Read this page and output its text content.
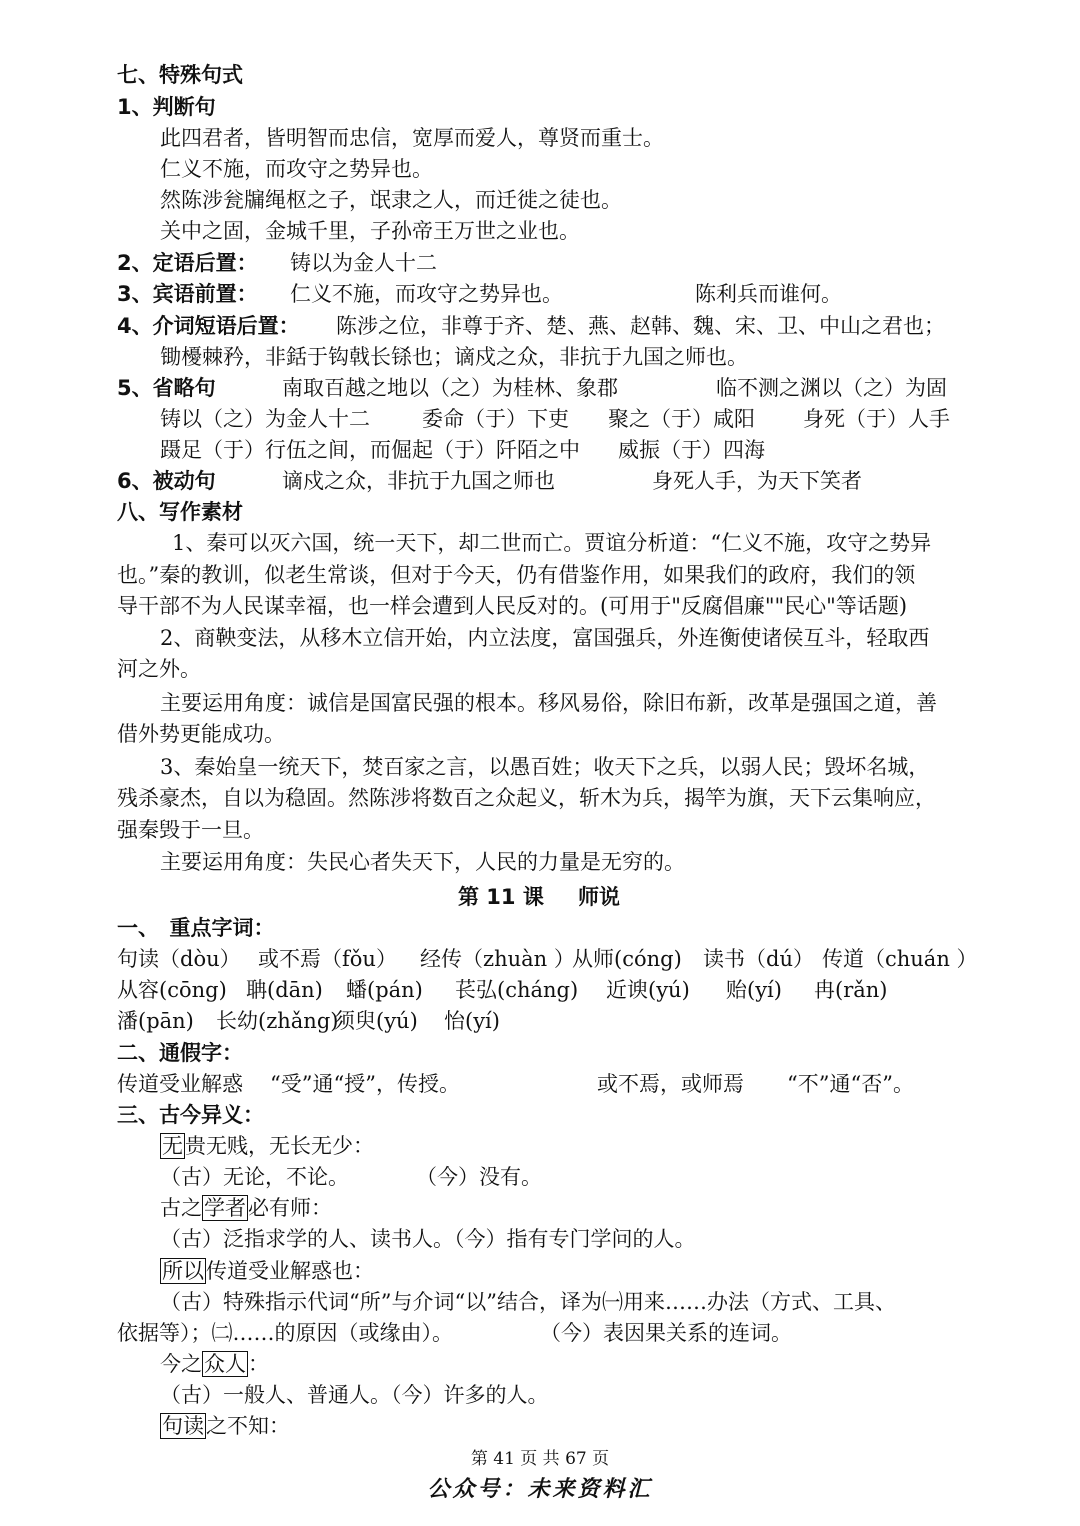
七、特殊句式
1、判断句
此四君者，皆明智而忠信，宽厚而爱人，尊贤而重士。
仁义不施，而攻守之势异也。
然陈涉瓮牖绳枢之子，氓隶之人，而迁徙之徒也。
关中之固，金城千里，子孙帝王万世之业也。
2、定语后置： 铸以为金人十二
3、宾语前置： 仁义不施，而攻守之势异也。	陈利兵而谁何。
4、介词短语后置： 陈涉之位，非尊于齐、楚、燕、赵韩、魏、宋、卫、中山之君也；
锄櫌棘矜，非銛于钩戟长铩也；谪戍之众，非抗于九国之师也。
5、省略句	南取百越之地以（之）为桂林、象郡	临不测之渊以（之）为固
铸以（之）为金人十二 委命（于）下吏 聚之（于）咸阳 身死（于）人手
蹑足（于）行伍之间，而倔起（于）阡陌之中 威振（于）四海
6、被动句	谪戍之众，非抗于九国之师也	身死人手，为天下笑者
八、写作素材
1、秦可以灭六国，统一天下，却二世而亡。贾谊分析道：“仁义不施，攻守之势异
也。”秦的教训，似老生常谈，但对于今天，仍有借鉴作用，如果我们的政府，我们的领
导干部不为人民谋幸福，也一样会遭到人民反对的。(可用于"反腐倡廉""民心"等话题)
2、商鞅变法，从移木立信开始，内立法度，富国强兵，外连衡使诸侯互斗，轻取西
河之外。
主要运用角度：诚信是国富民强的根本。移风易俗，除旧布新，改革是强国之道，善
借外势更能成功。
3、秦始皇一统天下，焚百家之言，以愚百姓；收天下之兵，以弱人民；毁坏名城，
残杀豪杰，自以为稳固。然陈涉将数百之众起义，斩木为兵，揭竿为旗，天下云集响应，
强秦毁于一旦。
主要运用角度：失民心者失天下，人民的力量是无穷的。
第 11 课 师说
一、　重点字词：
句读（dòu） 或不焉（fǒu） 经传（zhuàn ）
从师(cóng) 读书（dú） 传道（chuán ）
从容(cōng) 聃(dān) 蟠(pán) 苌弘(cháng) 近谀(yú) 贻(yí) 冉(rǎn)
潘(pān) 长幼(zhǎng)
须臾(yú) 怡(yí)
二、通假字：
传道受业解惑 “受”通“授”，传授。	或不焉，或师焉 “不”通“否”。
三、古今异义：
无贵无贱，无长无少：
（古）无论，不论。	（今）没有。
古之学者必有师：
（古）泛指求学的人、读书人。（今）指有专门学问的人。
所以传道受业解惑也：
（古）特殊指示代词“所”与介词“以”结合，译为㈠用来……办法（方式、工具、
依据等）；㈡……的原因（或缘由）。	（今）表因果关系的连词。
今之众人：
（古）一般人、普通人。（今）许多的人。
句读之不知：
第 41 页 共 67 页
公众号：未来资料汇
